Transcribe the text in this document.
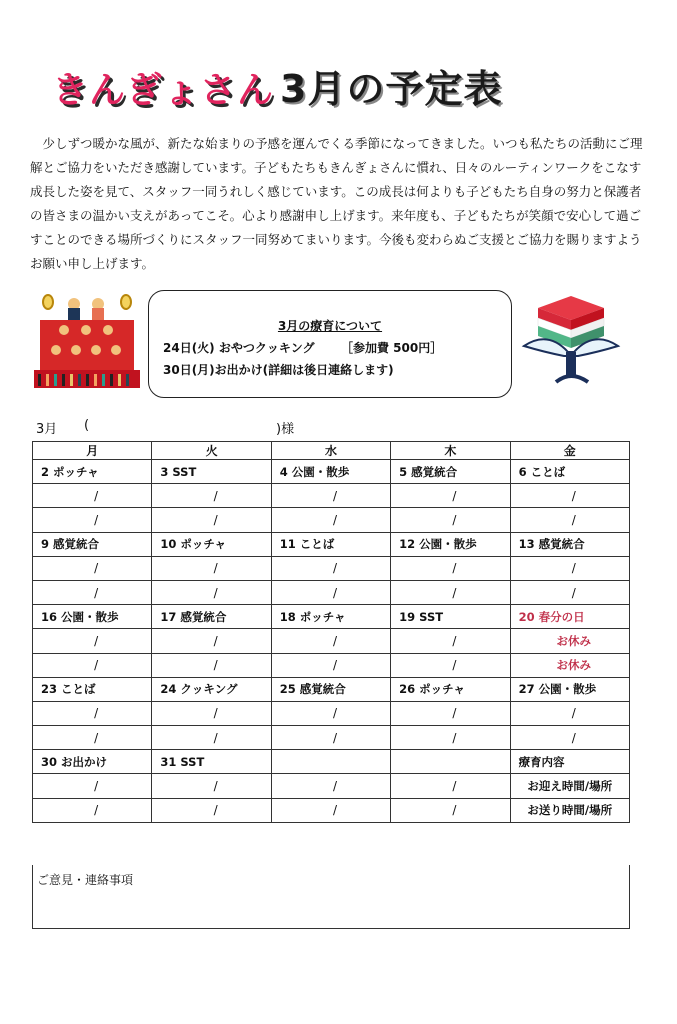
きんぎょさん 3月の予定表

少しずつ暖かな風が、新たな始まりの予感を運んでくる季節になってきました。いつも私たちの活動にご理解とご協力をいただき感謝しています。子どもたちもきんぎょさんに慣れ、日々のルーティンワークをこなす成長した姿を見て、スタッフ一同うれしく感じています。この成長は何よりも子どもたち自身の努力と保護者の皆さまの温かい支えがあってこそ。心より感謝申し上げます。来年度も、子どもたちが笑顔で安心して過ごすことのできる場所づくりにスタッフ一同努めてまいります。今後も変わらぬご支援とご協力を賜りますようお願い申し上げます。

3月の療育について
24日(火) おやつクッキング ［参加費 500円］
30日(月)お出かけ(詳細は後日連絡します)
3月 (	)様
月	火	水	木	金
2 ポッチャ	3 SST	4 公園・散歩	5 感覚統合	6 ことば
/	/	/	/	/
/	/	/	/	/
9 感覚統合	10 ポッチャ	11 ことば	12 公園・散歩	13 感覚統合
/	/	/	/	/
/	/	/	/	/
16 公園・散歩	17 感覚統合	18 ポッチャ	19 SST	20 春分の日
/	/	/	/	お休み
/	/	/	/	お休み
23 ことば	24 クッキング	25 感覚統合	26 ポッチャ	27 公園・散歩
/	/	/	/	/
/	/	/	/	/
30 お出かけ	31 SST			療育内容
/	/	/	/	お迎え時間/場所
/	/	/	/	お送り時間/場所
ご意見・連絡事項
